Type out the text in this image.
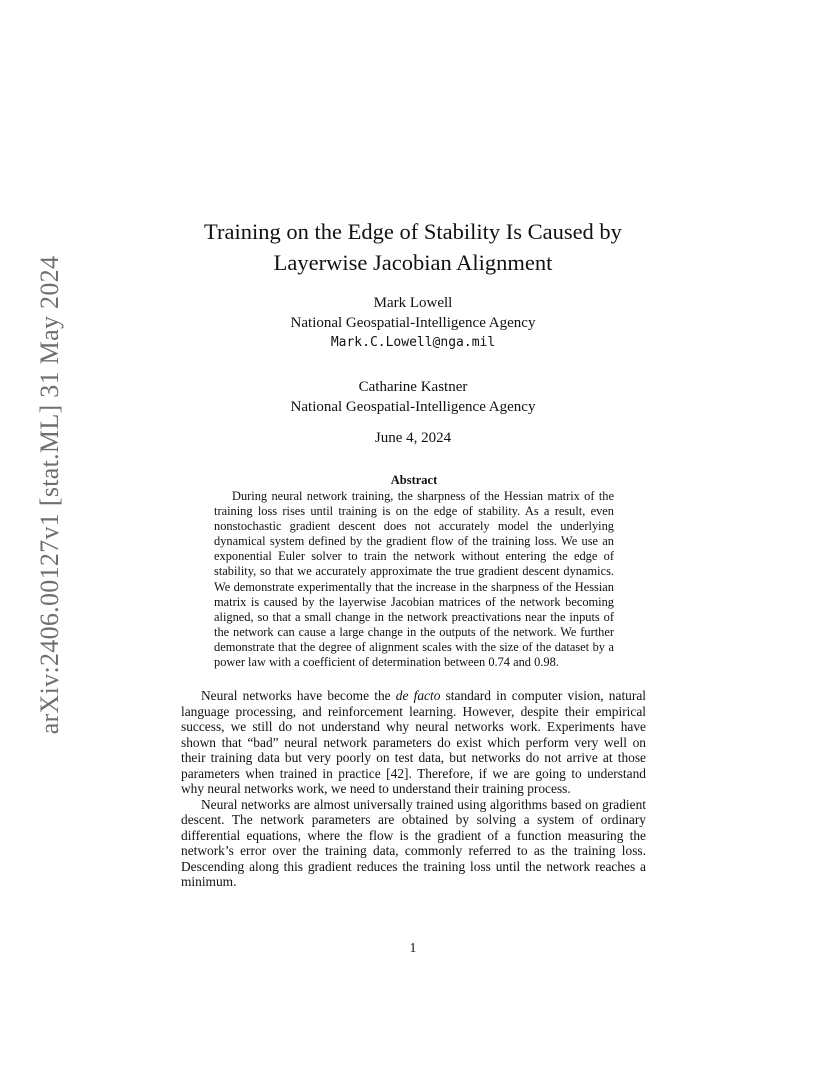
arXiv:2406.00127v1 [stat.ML] 31 May 2024
Training on the Edge of Stability Is Caused by
Layerwise Jacobian Alignment
Mark Lowell
National Geospatial-Intelligence Agency
Mark.C.Lowell@nga.mil
Catharine Kastner
National Geospatial-Intelligence Agency
June 4, 2024
Abstract
During neural network training, the sharpness of the Hessian matrix of the training loss rises until training is on the edge of stability. As a result, even nonstochastic gradient descent does not accurately model the underlying dynamical system defined by the gradient flow of the training loss. We use an exponential Euler solver to train the network without entering the edge of stability, so that we accurately approximate the true gradient descent dynamics. We demonstrate experimentally that the increase in the sharpness of the Hessian matrix is caused by the layerwise Jacobian matrices of the network becoming aligned, so that a small change in the network preactivations near the inputs of the network can cause a large change in the outputs of the network. We further demonstrate that the degree of alignment scales with the size of the dataset by a power law with a coefficient of determination between 0.74 and 0.98.

Neural networks have become the de facto standard in computer vision, natural language processing, and reinforcement learning. However, despite their empirical success, we still do not understand why neural networks work. Experiments have shown that “bad” neural network parameters do exist which perform very well on their training data but very poorly on test data, but networks do not arrive at those parameters when trained in practice [42]. Therefore, if we are going to understand why neural networks work, we need to understand their training process.

Neural networks are almost universally trained using algorithms based on gradient descent. The network parameters are obtained by solving a system of ordinary differential equations, where the flow is the gradient of a function measuring the network’s error over the training data, commonly referred to as the training loss. Descending along this gradient reduces the training loss until the network reaches a minimum.

1
